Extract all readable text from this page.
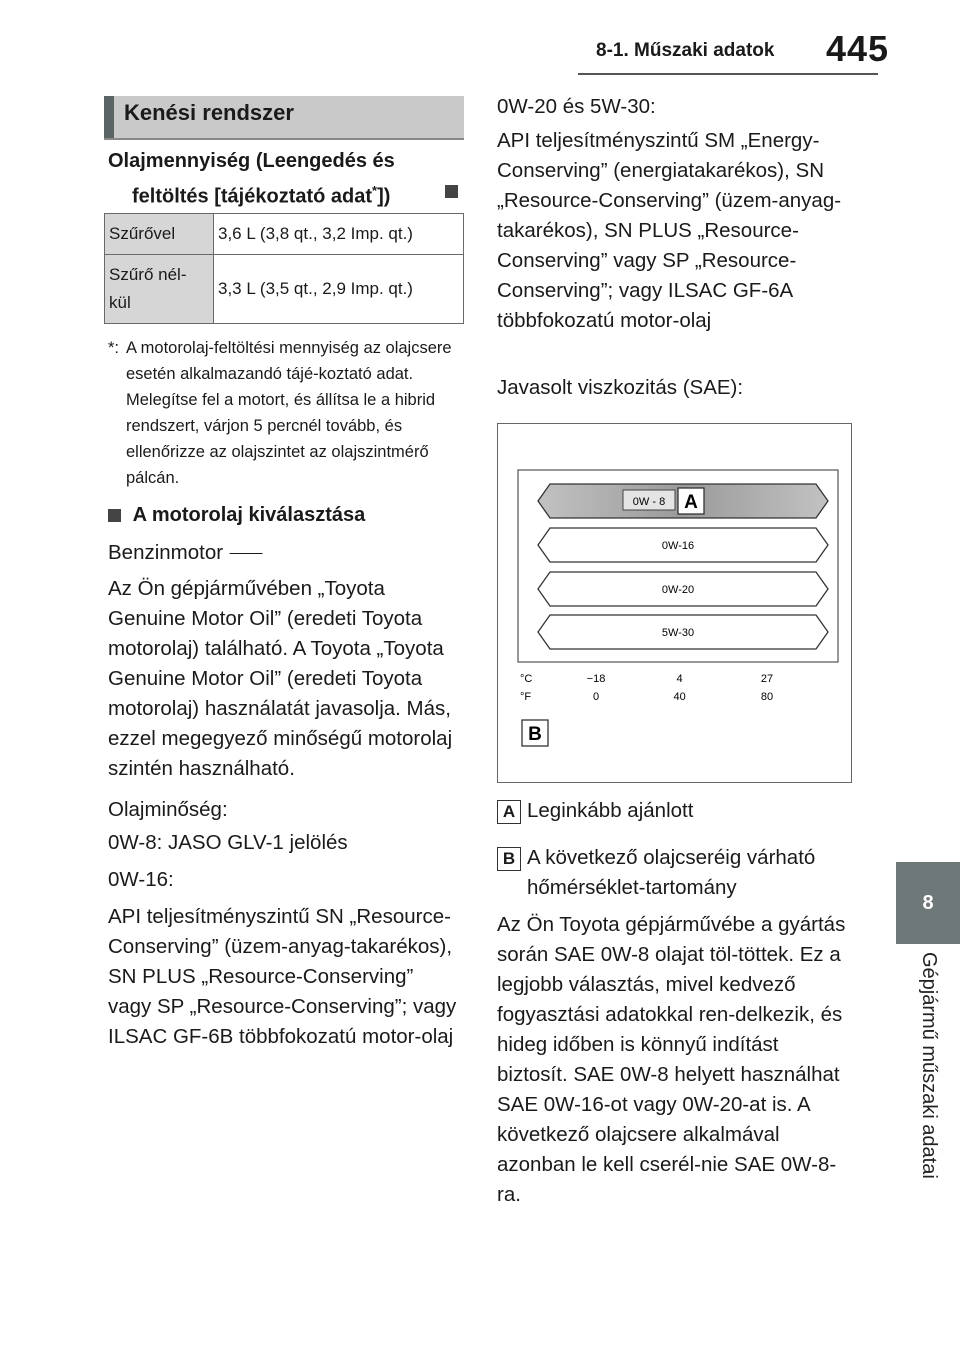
8-1. Műszaki adatok 445
8
Gépjármű műszaki adatai
Kenési rendszer
Olajmennyiség (Leengedés és
feltöltés [tájékoztató adat*])
Szűrővel	3,6 L (3,8 qt., 3,2 Imp. qt.)
Szűrő nél-
kül	3,3 L (3,5 qt., 2,9 Imp. qt.)
*: A motorolaj-feltöltési mennyiség az olajcsere esetén alkalmazandó tájé-koztató adat. Melegítse fel a motort, és állítsa le a hibrid rendszert, várjon 5 percnél tovább, és ellenőrizze az olajszintet az olajszintmérő pálcán.
A motorolaj kiválasztása
Benzinmotor ⸺
Az Ön gépjárművében „Toyota Genuine Motor Oil” (eredeti Toyota motorolaj) található. A Toyota „Toyota Genuine Motor Oil” (eredeti Toyota motorolaj) használatát javasolja. Más, ezzel megegyező minőségű motorolaj szintén használható.
Olajminőség:
0W-8: JASO GLV-1 jelölés
0W-16:
API teljesítményszintű SN „Resource-Conserving” (üzem-anyag-takarékos), SN PLUS „Resource-Conserving” vagy SP „Resource-Conserving”; vagy ILSAC GF-6B többfokozatú motor-olaj
0W-20 és 5W-30:
API teljesítményszintű SM „Energy-Conserving” (energiatakarékos), SN „Resource-Conserving” (üzem-anyag-takarékos), SN PLUS „Resource-Conserving” vagy SP „Resource-Conserving”; vagy ILSAC GF-6A többfokozatú motor-olaj
Javasolt viszkozitás (SAE):
A
0W - 8
0W-16
0W-20
5W-30
°C
°F
−18	4	27
0	40	80
B
A Leginkább ajánlott
B A következő olajcseréig várható hőmérséklet-tartomány
Az Ön Toyota gépjárművébe a gyártás során SAE 0W-8 olajat töl-töttek. Ez a legjobb választás, mivel kedvező fogyasztási adatokkal ren-delkezik, és hideg időben is könnyű indítást biztosít. SAE 0W-8 helyett használhat SAE 0W-16-ot vagy 0W-20-at is. A következő olajcsere alkalmával azonban le kell cserél-nie SAE 0W-8-ra.
